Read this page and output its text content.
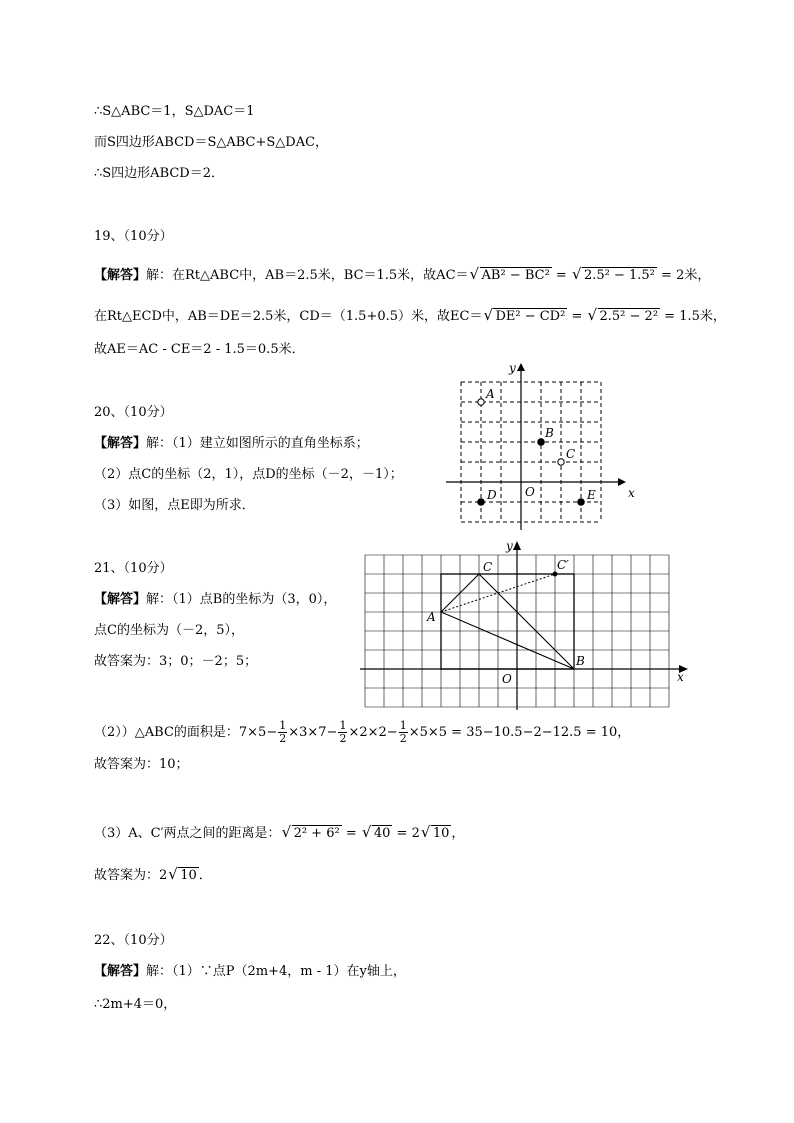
∴S△ABC＝1，S△DAC＝1
而S四边形ABCD＝S△ABC+S△DAC，
∴S四边形ABCD＝2．
19、（10分）
【解答】解：在Rt△ABC中，AB＝2.5米，BC＝1.5米，故AC＝ √ AB² − BC² = √ 2.5² − 1.5² = 2米，
在Rt△ECD中，AB＝DE＝2.5米，CD＝（1.5+0.5）米，故EC＝ √ DE² − CD² = √ 2.5² − 2² = 1.5米，
故AE＝AC - CE＝2 - 1.5＝0.5米．
20、（10分）
【解答】解：（1）建立如图所示的直角坐标系；
（2）点C的坐标（2，1），点D的坐标（－2，－1）；
（3）如图，点E即为所求．
x
y
O
A
B
C
D	E
21、（10分）
【解答】解：（1）点B的坐标为（3，0），
点C的坐标为（－2，5），
故答案为：3；0；－2；5；
x
y
O
A
B
C	C′
（2））△ABC的面积是：$7\times 5- \frac{1}{2} \times 3\times 7- \frac{1}{2} \times 2\times 2- \frac{1}{2} \times 5\times 5 = 35-10.5-2-12.5 = 10$，
故答案为：10；
（3）A、C′两点之间的距离是： √ 2² + 6² = √ 40 = 2 √ 10 ，
故答案为：2 √ 10 ．
22、（10分）
【解答】解：（1）∵点P（2m+4，m - 1）在y轴上，
∴2m+4＝0，
